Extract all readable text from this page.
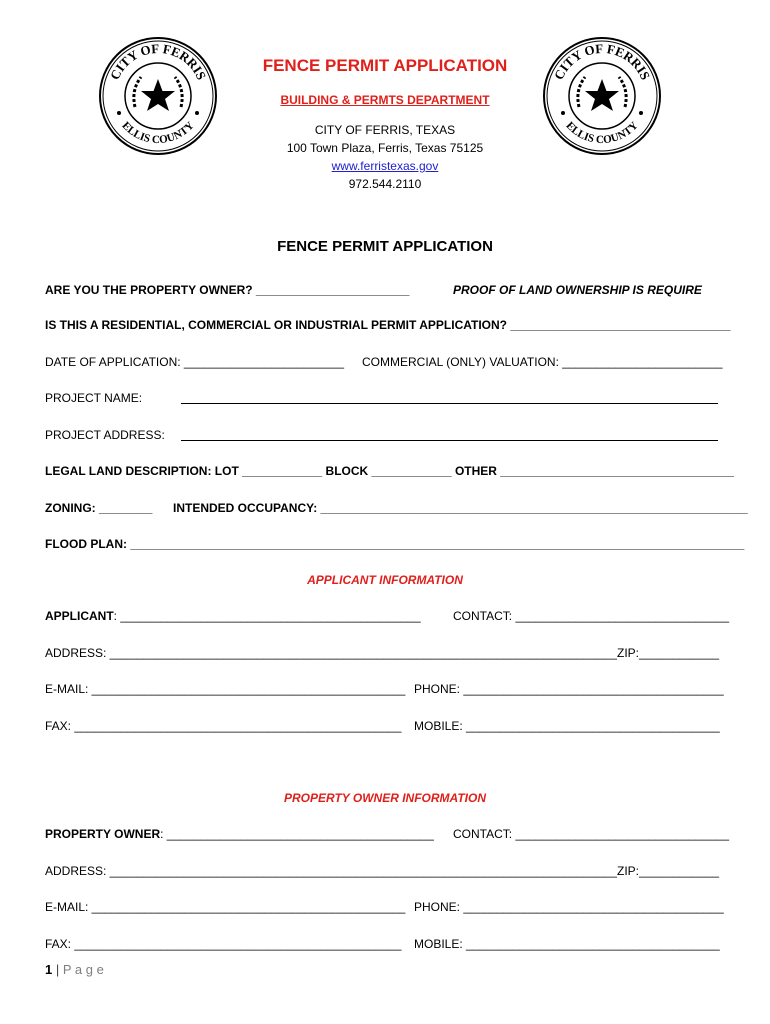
CITY OF FERRIS
ELLIS COUNTY
CITY OF FERRIS
ELLIS COUNTY
FENCE PERMIT APPLICATION
BUILDING & PERMTS DEPARTMENT
CITY OF FERRIS, TEXAS
100 Town Plaza, Ferris, Texas 75125
www.ferristexas.gov
972.544.2110
FENCE PERMIT APPLICATION
ARE YOU THE PROPERTY OWNER? _______________________	PROOF OF LAND OWNERSHIP IS REQUIRE
IS THIS A RESIDENTIAL, COMMERCIAL OR INDUSTRIAL PERMIT APPLICATION? _________________________________
DATE OF APPLICATION: ________________________ COMMERCIAL (ONLY) VALUATION: ________________________
PROJECT NAME:
PROJECT ADDRESS:
LEGAL LAND DESCRIPTION: LOT ____________ BLOCK ____________ OTHER ___________________________________
ZONING: ________ INTENDED OCCUPANCY: ________________________________________________________________
FLOOD PLAN: ____________________________________________________________________________________________
APPLICANT INFORMATION
APPLICANT: _____________________________________________	CONTACT: ________________________________
ADDRESS: ____________________________________________________________________________ ZIP:____________
E-MAIL: _______________________________________________ PHONE: _______________________________________
FAX: _________________________________________________ MOBILE: ______________________________________
PROPERTY OWNER INFORMATION
PROPERTY OWNER: ________________________________________ CONTACT: ________________________________
ADDRESS: ____________________________________________________________________________ ZIP:____________
E-MAIL: _______________________________________________ PHONE: _______________________________________
FAX: _________________________________________________ MOBILE: ______________________________________
1 | P a g e
